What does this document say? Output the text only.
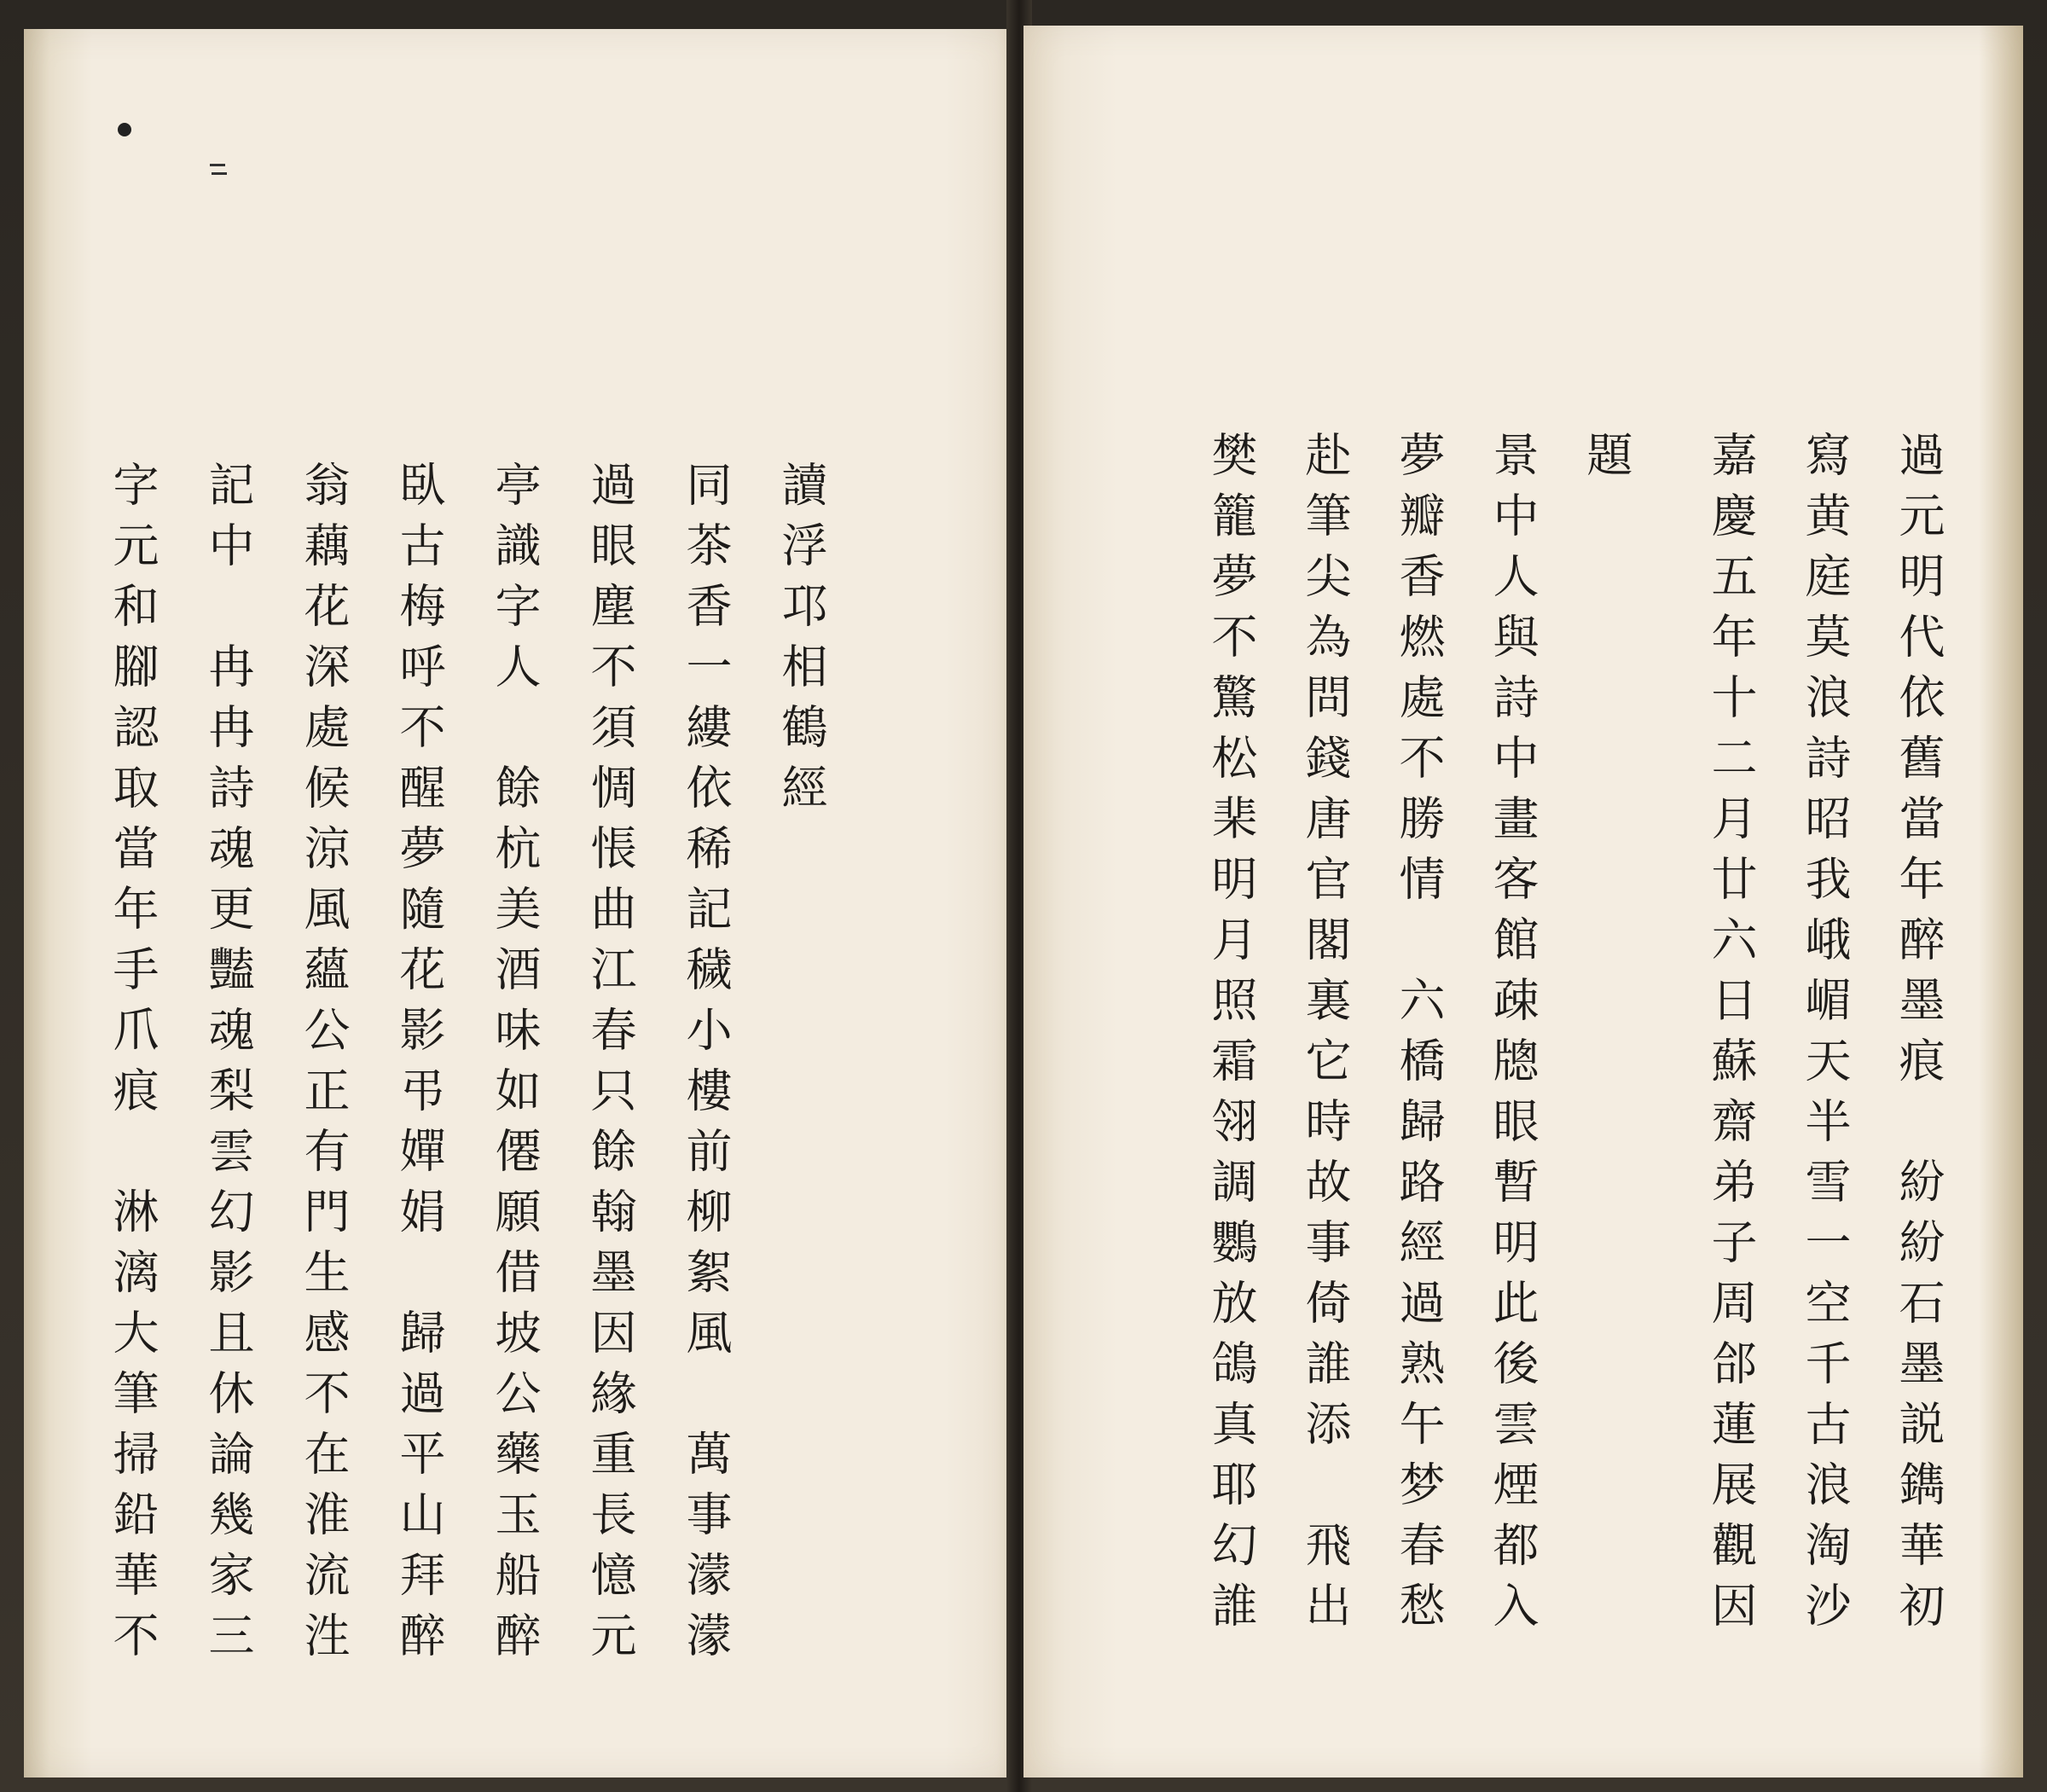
讀浮邛相鶴經
同茶香一縷依稀記穢小樓前柳絮風　萬事濛濛
過眼塵不須惆悵曲江春只餘翰墨因緣重長憶元
亭識字人　餘杭美酒味如僊願借坡公藥玉船醉
臥古梅呼不醒夢隨花影弔嬋娟　歸過平山拜醉
翁藕花深處候涼風蘊公正有門生感不在淮流泩
記中　冉冉詩魂更豔魂梨雲幻影且休論幾家三
字元和腳認取當年手爪痕　淋漓大筆掃鉛華不	過元明代依舊當年醉墨痕　紛紛石墨説鐫華初
寫黄庭莫浪詩昭我峨嵋天半雪一空千古浪淘沙
嘉慶五年十二月廿六日蘇齋弟子周郃蓮展觀因
題
景中人與詩中畫客館疎牕眼暫明此後雲煙都入
夢瓣香燃處不勝情　六橋歸路經過熟午梦春愁
赴筆尖為問錢唐官閣裏它時故事倚誰添　飛出
樊籠夢不驚松棐明月照霜翎調鸚放鴿真耶幻誰
